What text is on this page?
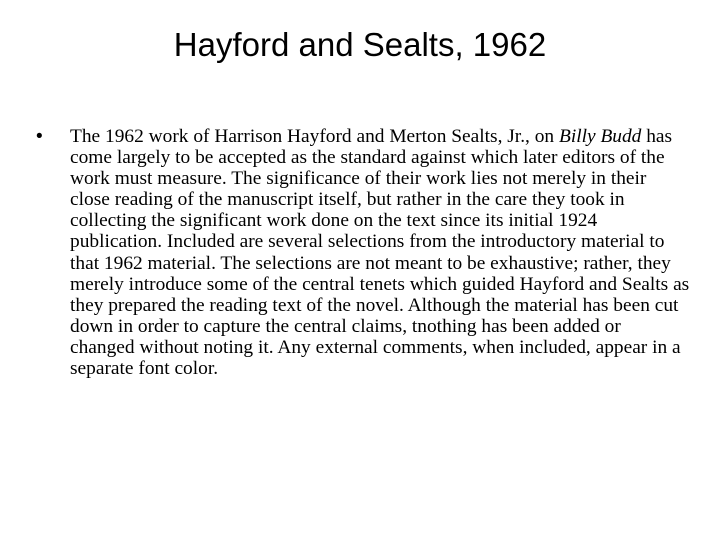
Hayford and Sealts, 1962
• The 1962 work of Harrison Hayford and Merton Sealts, Jr., on Billy Budd has come largely to be accepted as the standard against which later editors of the work must measure. The significance of their work lies not merely in their close reading of the manuscript itself, but rather in the care they took in collecting the significant work done on the text since its initial 1924 publication. Included are several selections from the introductory material to that 1962 material. The selections are not meant to be exhaustive; rather, they merely introduce some of the central tenets which guided Hayford and Sealts as they prepared the reading text of the novel. Although the material has been cut down in order to capture the central claims, tnothing has been added or changed without noting it. Any external comments, when included, appear in a separate font color.
